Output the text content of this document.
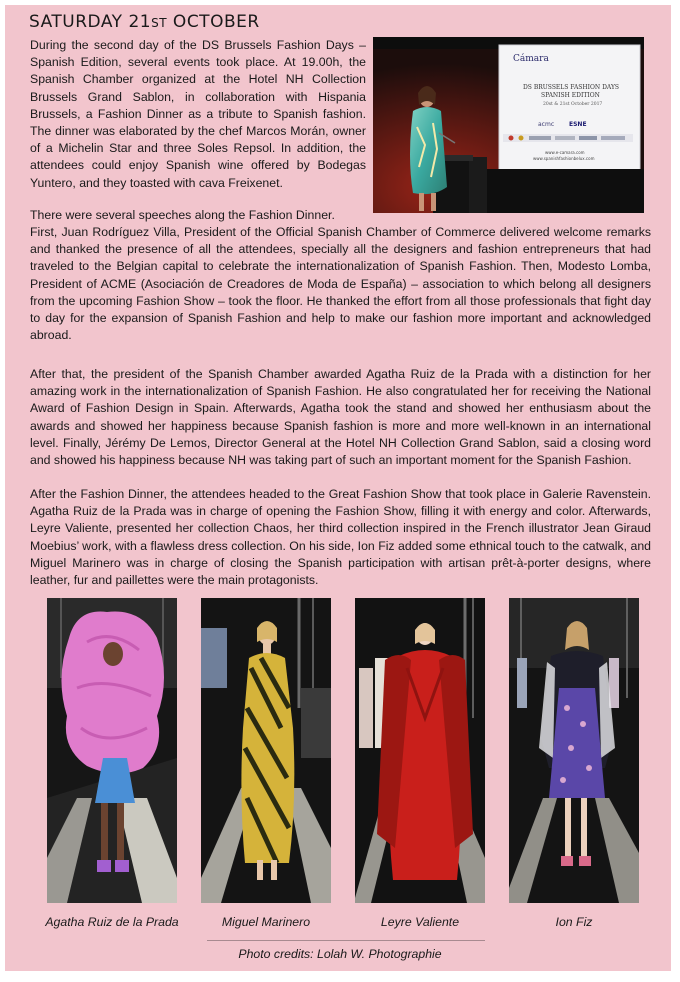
SATURDAY 21ST OCTOBER
During the second day of the DS Brussels Fashion Days – Spanish Edition, several events took place. At 19.00h, the Spanish Chamber organized at the Hotel NH Collection Brussels Grand Sablon, in collaboration with Hispania Brussels, a Fashion Dinner as a tribute to Spanish fashion. The dinner was elaborated by the chef Marcos Morán, owner of a Michelin Star and three Soles Repsol. In addition, the attendees could enjoy Spanish wine offered by Bodegas Yuntero, and they toasted with cava Freixenet.
Cámara
DS BRUSSELS FASHION DAYS
SPANISH EDITION
20st & 21st October 2017
acmc ESNE
www.e-camara.com
www.spanishfashionbelux.com
There were several speeches along the Fashion Dinner.
First, Juan Rodríguez Villa, President of the Official Spanish Chamber of Commerce delivered welcome remarks and thanked the presence of all the attendees, specially all the designers and fashion entrepreneurs that had traveled to the Belgian capital to celebrate the internationalization of Spanish Fashion. Then, Modesto Lomba, President of ACME (Asociación de Creadores de Moda de España) – association to which belong all designers from the upcoming Fashion Show – took the floor. He thanked the effort from all those professionals that fight day to day for the expansion of Spanish Fashion and help to make our fashion more important and acknowledged abroad.
After that, the president of the Spanish Chamber awarded Agatha Ruiz de la Prada with a distinction for her amazing work in the internationalization of Spanish Fashion. He also congratulated her for receiving the National Award of Fashion Design in Spain. Afterwards, Agatha took the stand and showed her enthusiasm about the awards and showed her happiness because Spanish fashion is more and more well-known in an international level. Finally, Jérémy De Lemos, Director General at the Hotel NH Collection Grand Sablon, said a closing word and showed his happiness because NH was taking part of such an important moment for the Spanish Fashion.
After the Fashion Dinner, the attendees headed to the Great Fashion Show that took place in Galerie Ravenstein. Agatha Ruiz de la Prada was in charge of opening the Fashion Show, filling it with energy and color. Afterwards, Leyre Valiente, presented her collection Chaos, her third collection inspired in the French illustrator Jean Giraud Moebius’ work, with a flawless dress collection. On his side, Ion Fiz added some ethnical touch to the catwalk, and Miguel Marinero was in charge of closing the Spanish participation with artisan prêt-à-porter designs, where leather, fur and paillettes were the main protagonists.
Agatha Ruiz de la Prada	Miguel Marinero	Leyre Valiente	Ion Fiz
Photo credits: Lolah W. Photographie
